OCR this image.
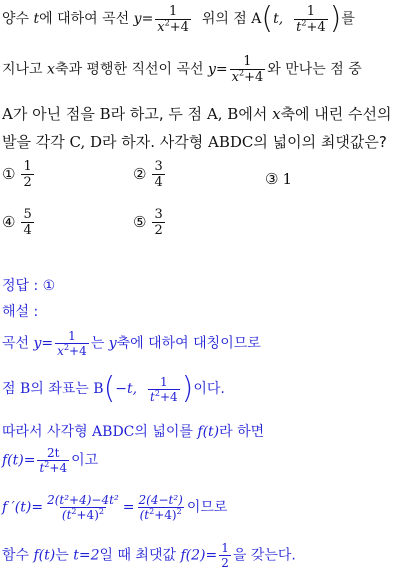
양수 t에 대하여 곡선 $y= \frac{1}{x^2+4}$ 위의 점 A(t, $\frac{1}{t^2+4}$ )를
지나고 x축과 평행한 직선이 곡선 $y= \frac{1}{x^2+4}$ 와 만나는 점 중
A가 아닌 점을 B라 하고, 두 점 A, B에서 x축에 내린 수선의
발을 각각 C, D라 하자. 사각형 ABDC의 넓이의 최댓값은?
① $\frac{1}{2}$	② $\frac{3}{4}$	③ 1
④ $\frac{5}{4}$	⑤ $\frac{3}{2}$
정답 : ①
해설 :
곡선 $y= \frac{1}{x^2+4}$ 는 y축에 대하여 대칭이므로
점 B의 좌표는 B(−t, $\frac{1}{t^2+4}$ )이다.
따라서 사각형 ABDC의 넓이를 f(t)라 하면
$f(t)= \frac{2t}{t^2+4}$ 이고
f $'(t)= \frac{\text{2(t²+4)−4t²}}{(t^2+4)^2} = \frac{\text{2(4−t²)}}{(t^2+4)^2}$ 이므로
함수 f(t)는 t=2일 때 최댓값 $f(2)= \frac{1}{2}$ 을 갖는다.
